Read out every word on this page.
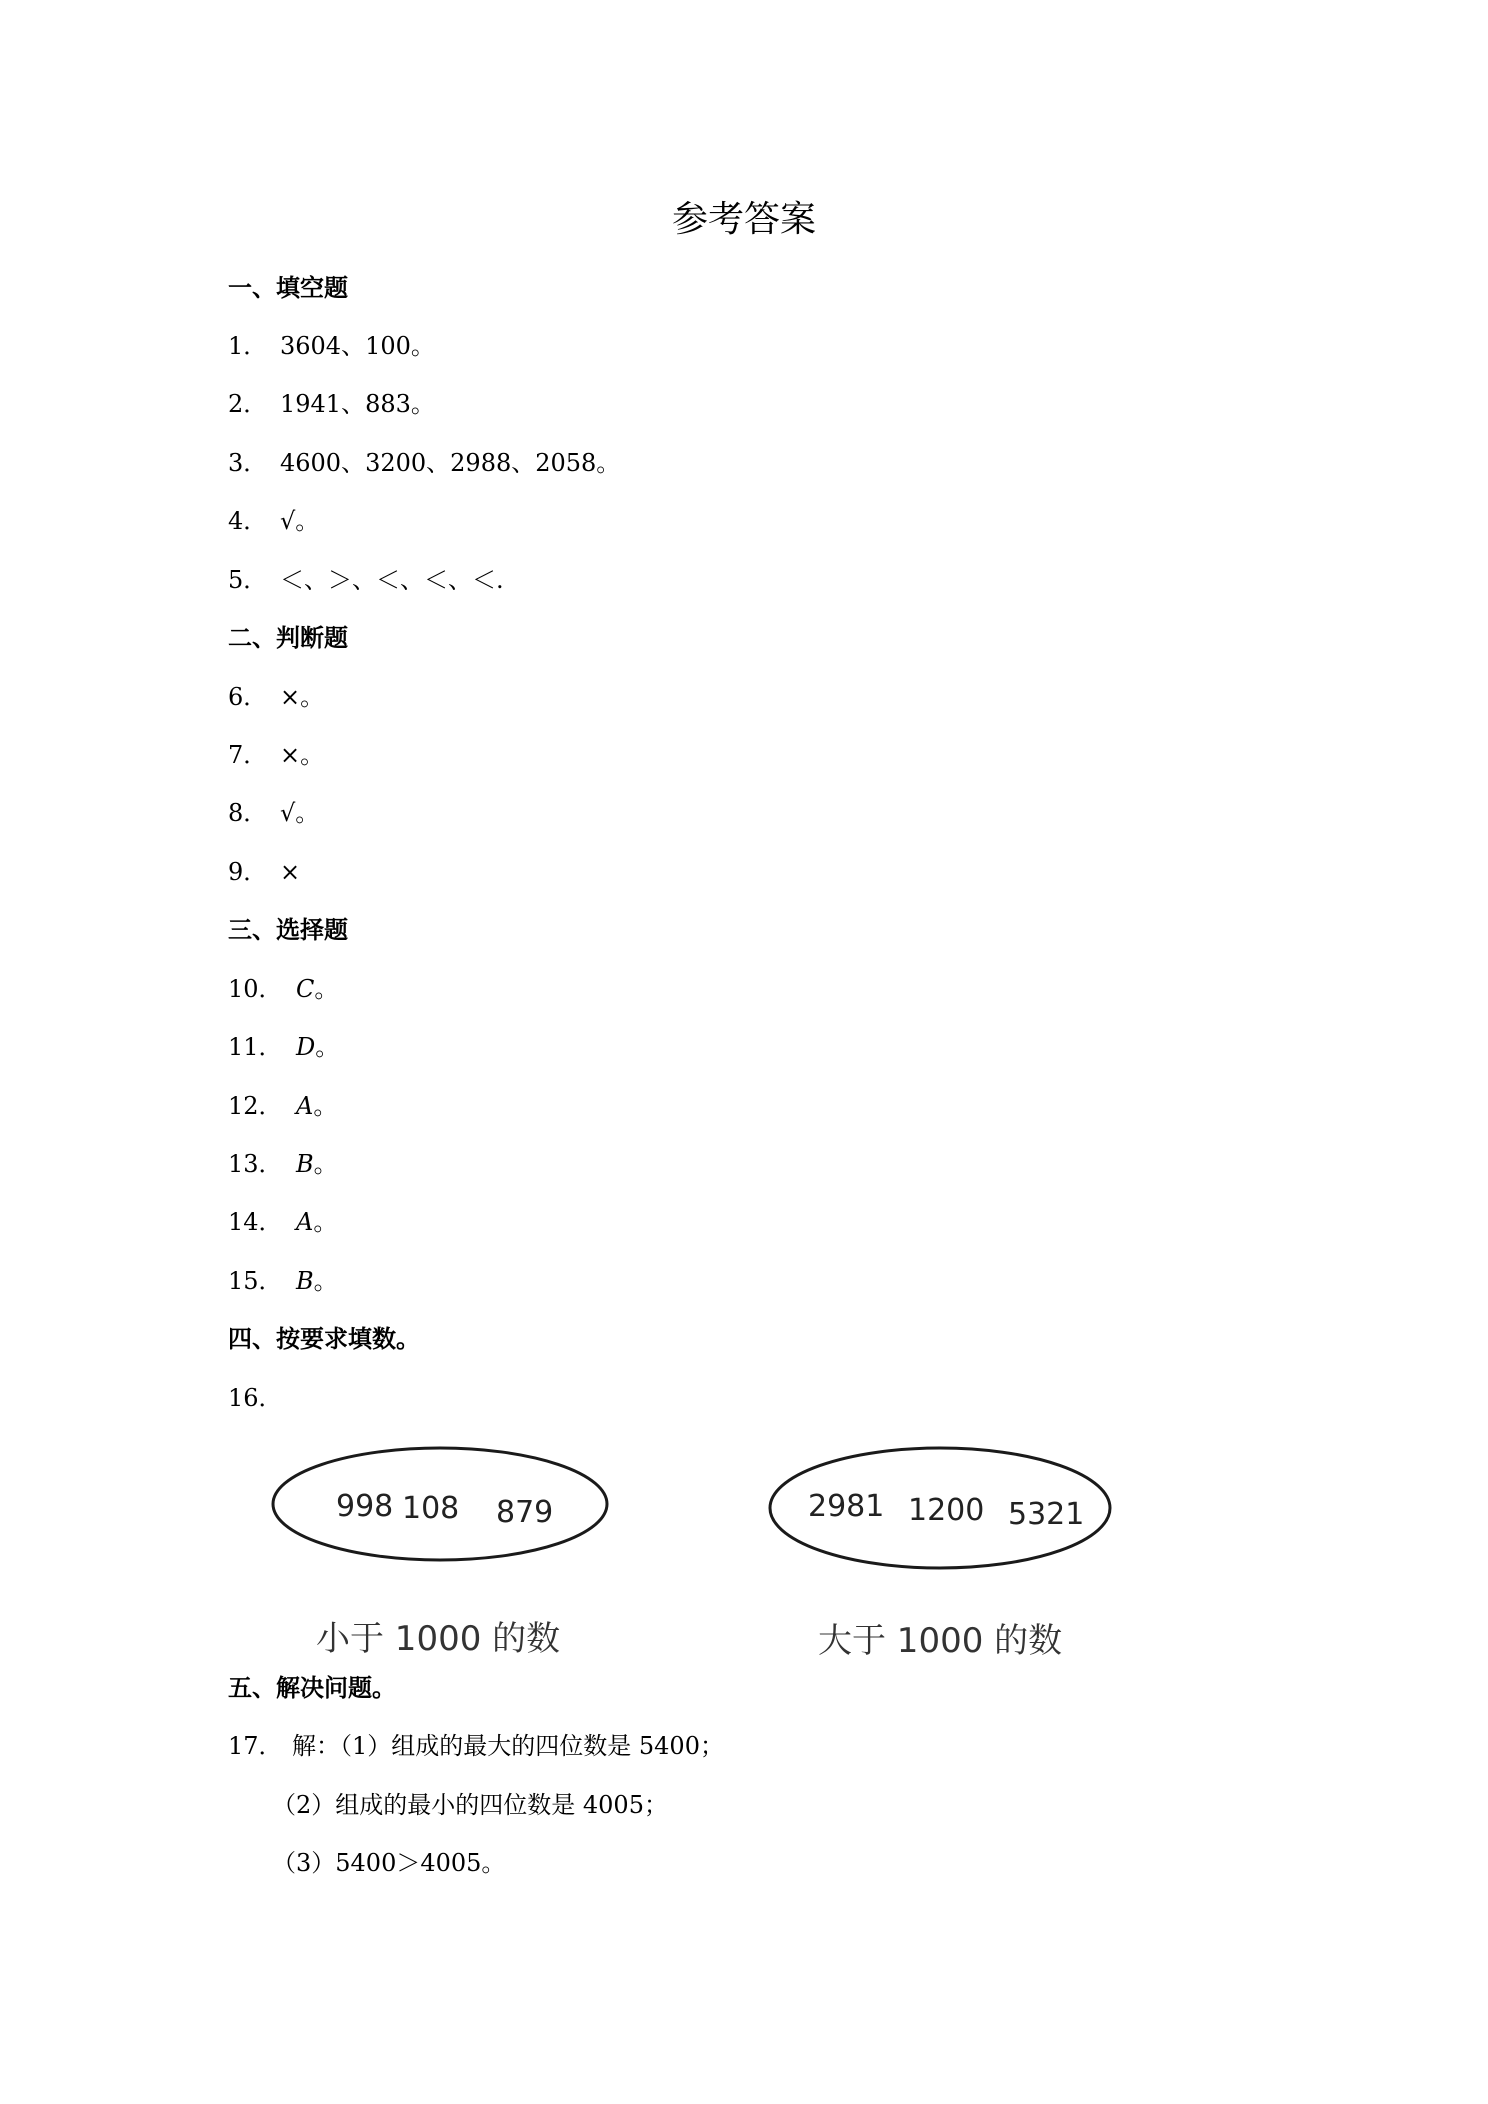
参考答案
一、填空题
1． 3604、100。
2． 1941、883。
3． 4600、3200、2988、2058。
4． √。
5． ＜、＞、＜、＜、＜.
二、判断题
6． ×。
7． ×。
8． √。
9． ×
三、选择题
10． C。
11． D。
12． A。
13． B。
14． A。
15． B。
四、按要求填数。
16．
998 108 879
小于 1000 的数
2981 1200 5321
大于 1000 的数
五、解决问题。
17． 解：（1）组成的最大的四位数是 5400；
（2）组成的最小的四位数是 4005；
（3）5400＞4005。
